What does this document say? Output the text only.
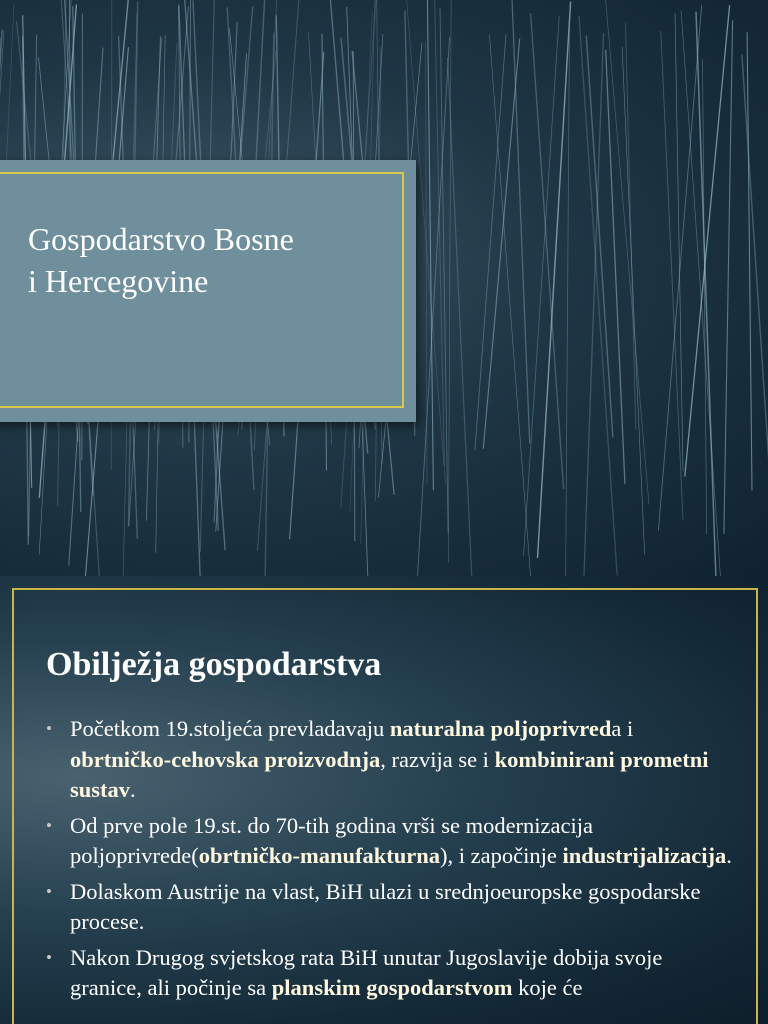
Gospodarstvo Bosne
i Hercegovine
Obilježja gospodarstva
• Početkom 19.stoljeća prevladavaju naturalna poljoprivreda i obrtničko-cehovska proizvodnja, razvija se i kombinirani prometni sustav.
• Od prve pole 19.st. do 70-tih godina vrši se modernizacija poljoprivrede(obrtničko-manufakturna), i započinje industrijalizacija.
• Dolaskom Austrije na vlast, BiH ulazi u srednjoeuropske gospodarske procese.
• Nakon Drugog svjetskog rata BiH unutar Jugoslavije dobija svoje granice, ali počinje sa planskim gospodarstvom koje će
